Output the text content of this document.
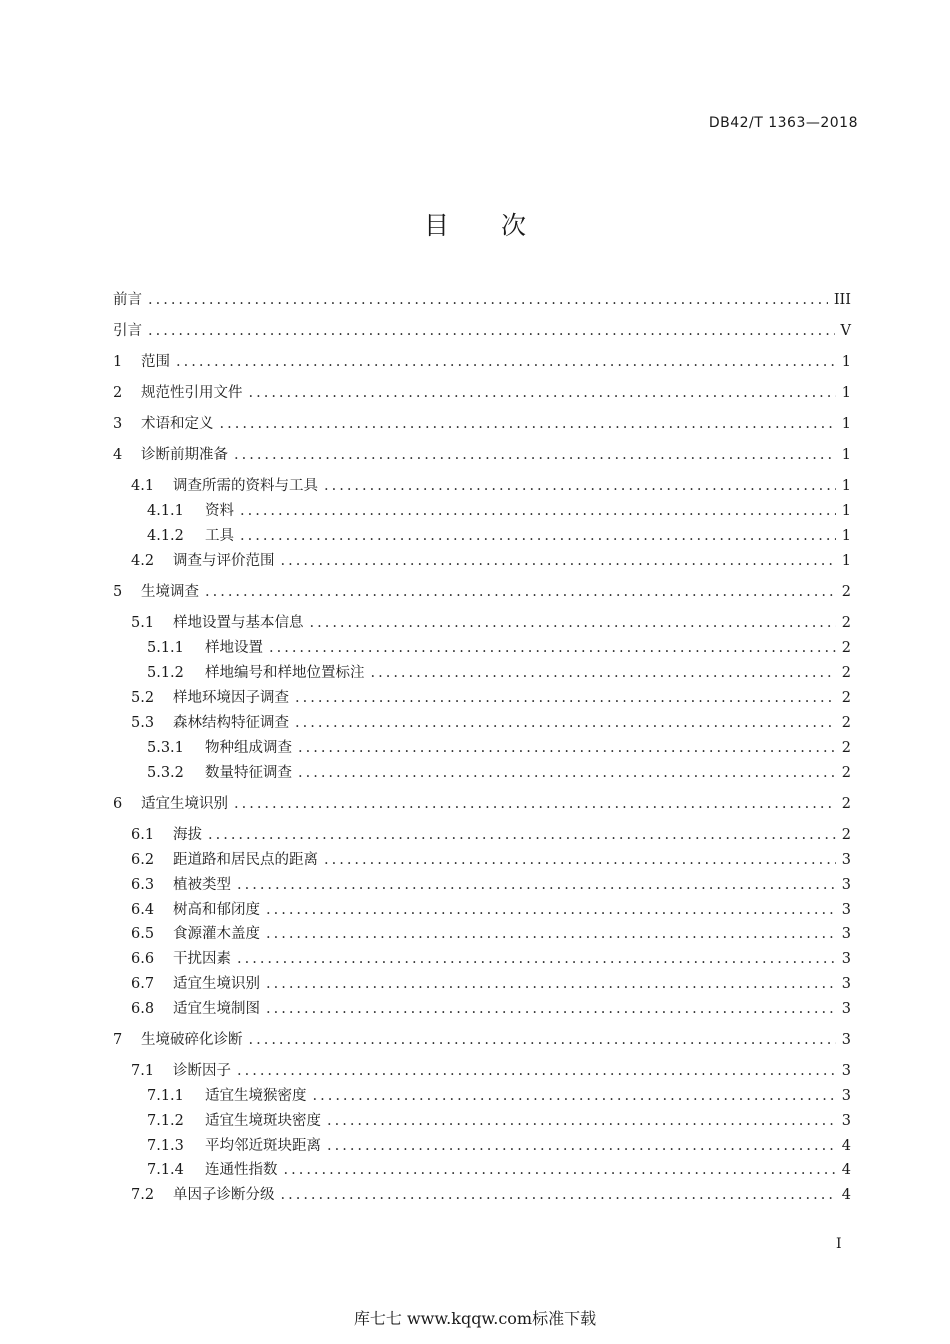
DB42/T 1363—2018
目 次
前言 .....	III
引言 .....	V
1	范围 .....	1
2	规范性引用文件 .....	1
3	术语和定义 .....	1
4	诊断前期准备 .....	1
4.1	调查所需的资料与工具 .....	1
4.1.1	资料 .....	1
4.1.2	工具 .....	1
4.2	调查与评价范围 .....	1
5	生境调查 .....	2
5.1	样地设置与基本信息 .....	2
5.1.1	样地设置 .....	2
5.1.2	样地编号和样地位置标注 .....	2
5.2	样地环境因子调查 .....	2
5.3	森林结构特征调查 .....	2
5.3.1	物种组成调查 .....	2
5.3.2	数量特征调查 .....	2
6	适宜生境识别 .....	2
6.1	海拔 .....	2
6.2	距道路和居民点的距离 .....	3
6.3	植被类型 .....	3
6.4	树高和郁闭度 .....	3
6.5	食源灌木盖度 .....	3
6.6	干扰因素 .....	3
6.7	适宜生境识别 .....	3
6.8	适宜生境制图 .....	3
7	生境破碎化诊断 .....	3
7.1	诊断因子 .....	3
7.1.1	适宜生境猴密度 .....	3
7.1.2	适宜生境斑块密度 .....	3
7.1.3	平均邻近斑块距离 .....	4
7.1.4	连通性指数 .....	4
7.2	单因子诊断分级 .....	4
I
库七七 www.kqqw.com标准下载
